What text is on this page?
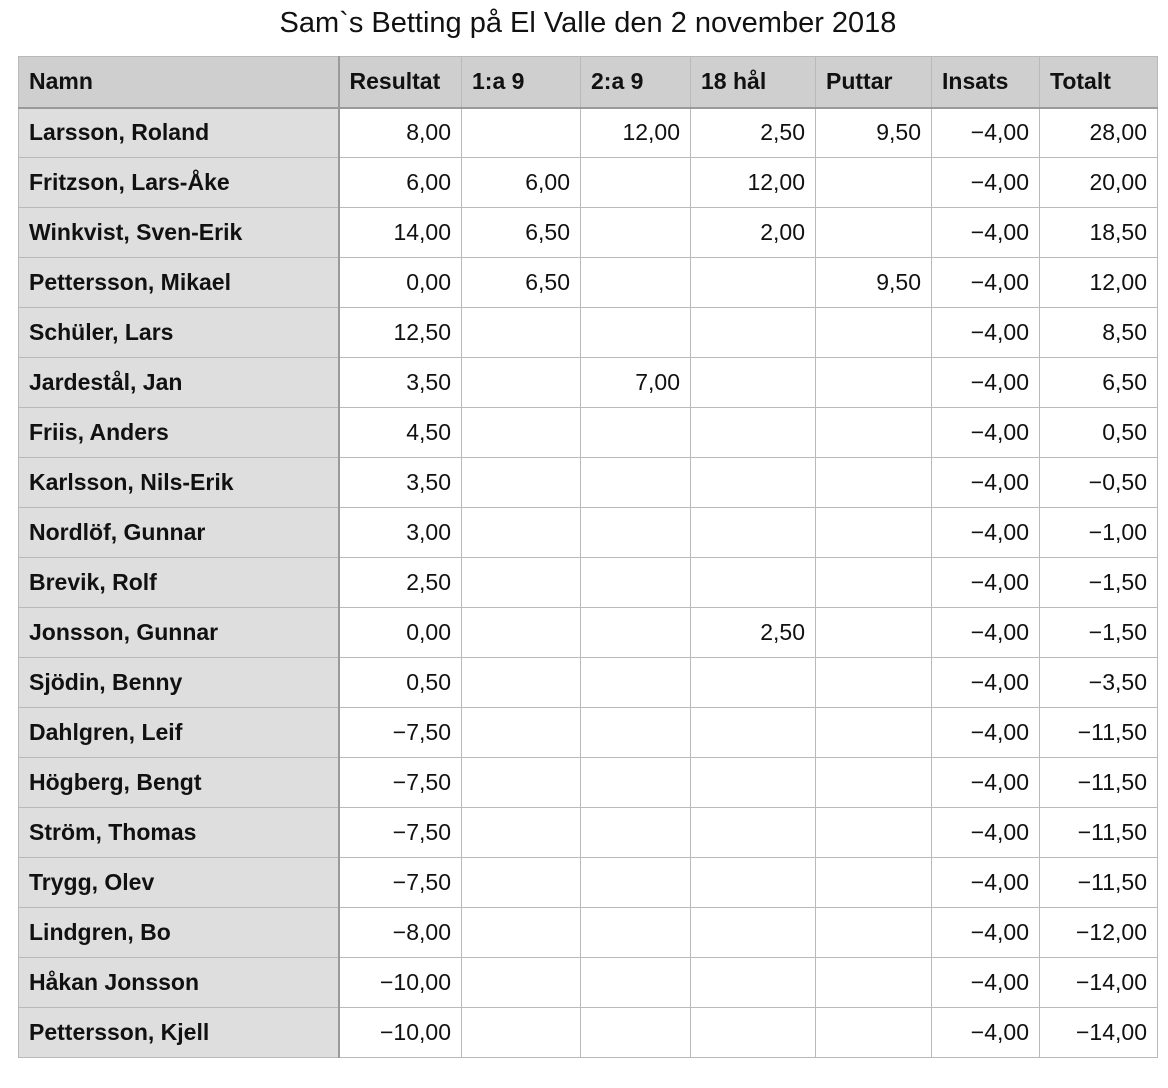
Sam`s Betting på El Valle den 2 november 2018
Namn	Resultat	1:a 9	2:a 9	18 hål	Puttar	Insats	Totalt
Larsson, Roland	8,00		12,00	2,50	9,50	−4,00	28,00
Fritzson, Lars-Åke	6,00	6,00		12,00		−4,00	20,00
Winkvist, Sven-Erik	14,00	6,50		2,00		−4,00	18,50
Pettersson, Mikael	0,00	6,50			9,50	−4,00	12,00
Schüler, Lars	12,50					−4,00	8,50
Jardestål, Jan	3,50		7,00			−4,00	6,50
Friis, Anders	4,50					−4,00	0,50
Karlsson, Nils-Erik	3,50					−4,00	−0,50
Nordlöf, Gunnar	3,00					−4,00	−1,00
Brevik, Rolf	2,50					−4,00	−1,50
Jonsson, Gunnar	0,00			2,50		−4,00	−1,50
Sjödin, Benny	0,50					−4,00	−3,50
Dahlgren, Leif	−7,50					−4,00	−11,50
Högberg, Bengt	−7,50					−4,00	−11,50
Ström, Thomas	−7,50					−4,00	−11,50
Trygg, Olev	−7,50					−4,00	−11,50
Lindgren, Bo	−8,00					−4,00	−12,00
Håkan Jonsson	−10,00					−4,00	−14,00
Pettersson, Kjell	−10,00					−4,00	−14,00
